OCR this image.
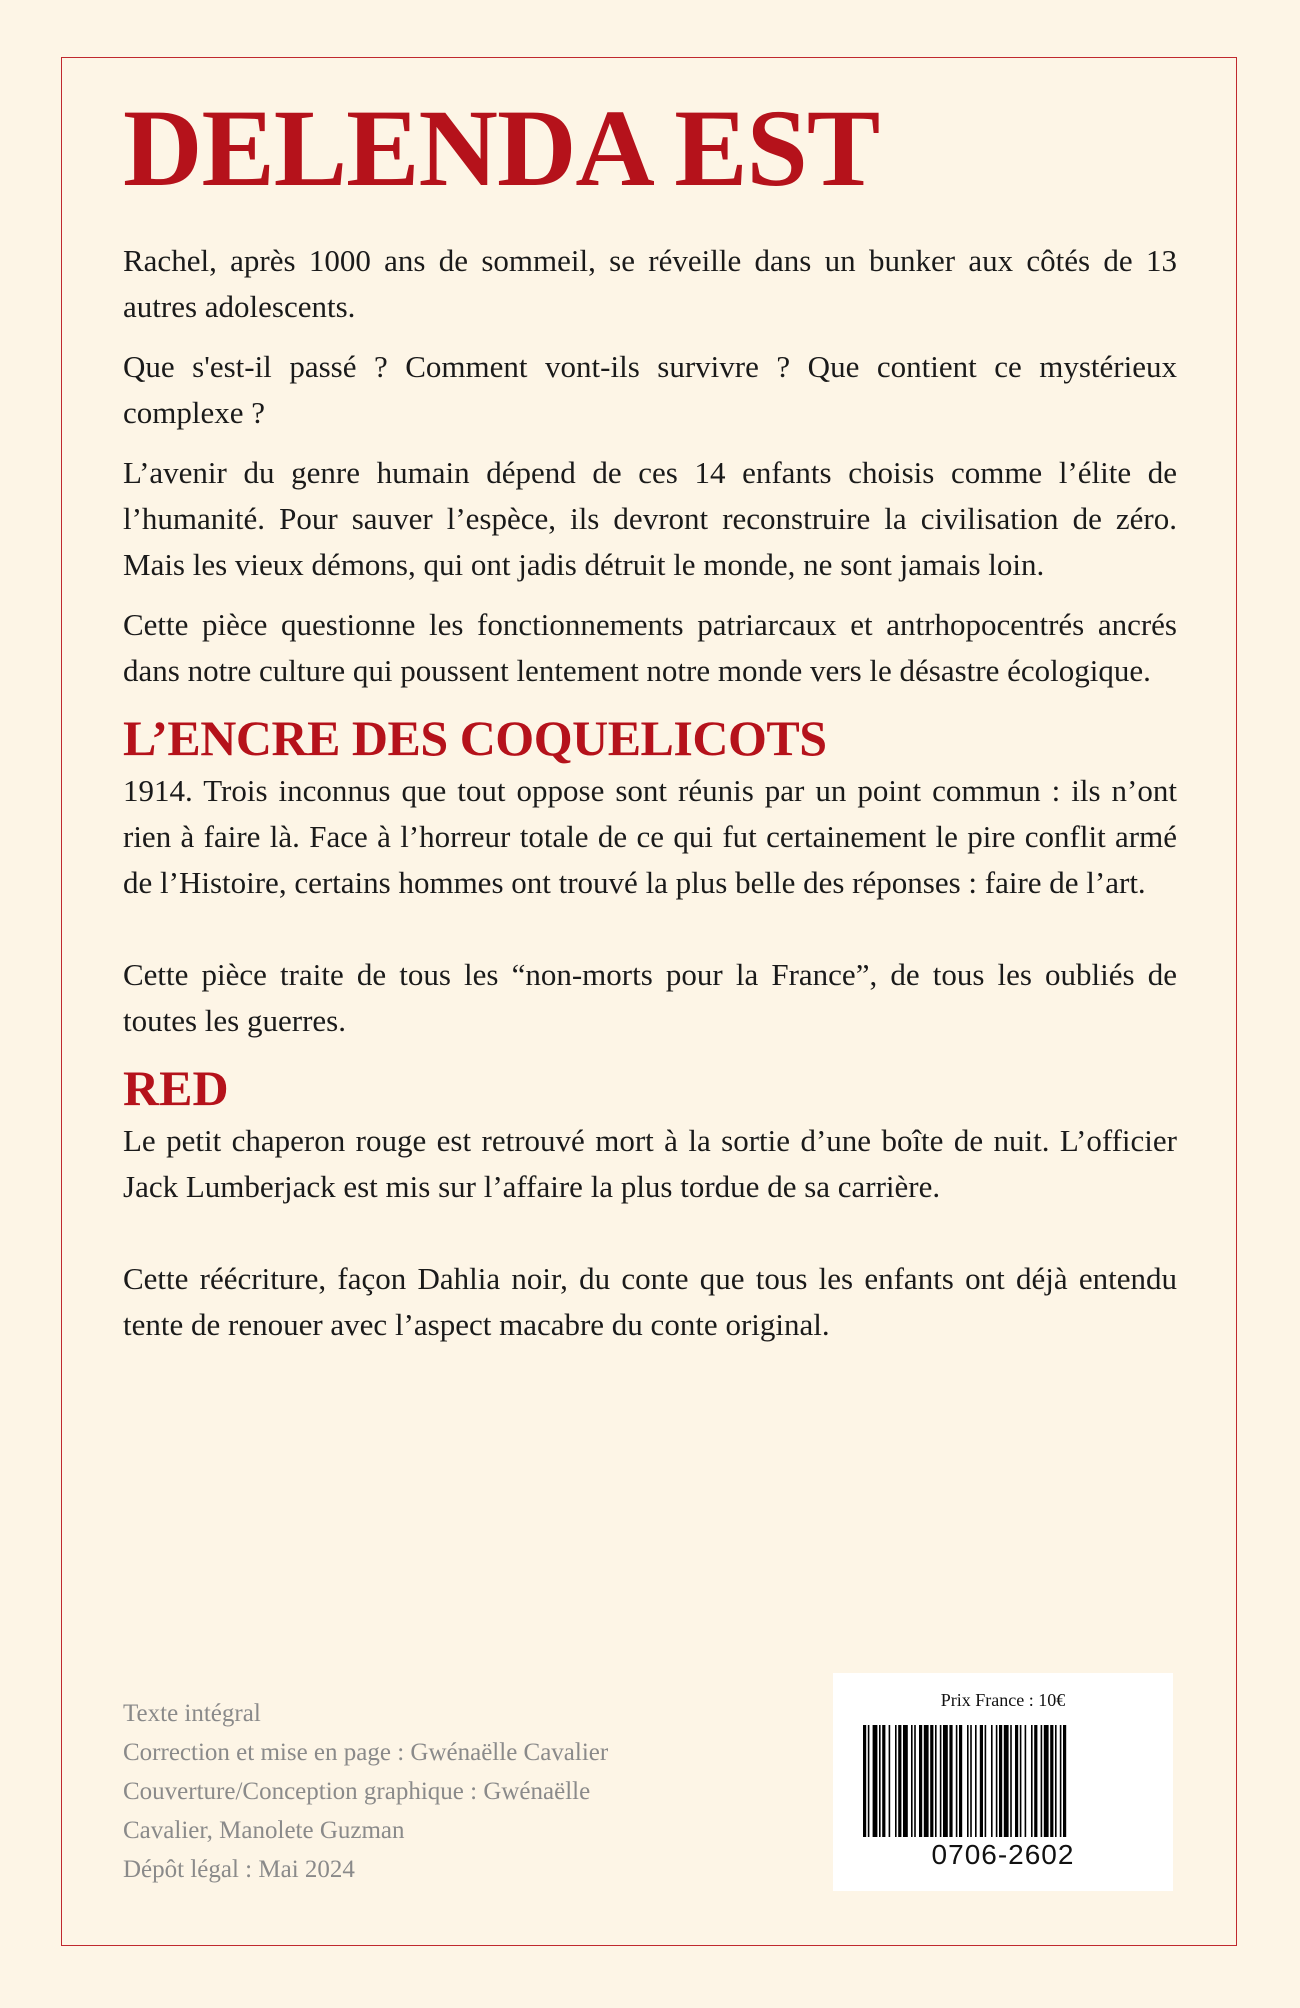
DELENDA EST

Rachel, après 1000 ans de sommeil, se réveille dans un bunker aux côtés de 13 autres adolescents.

Que s'est-il passé ? Comment vont-ils survivre ? Que contient ce mystérieux complexe ?

L’avenir du genre humain dépend de ces 14 enfants choisis comme l’élite de l’humanité. Pour sauver l’espèce, ils devront reconstruire la civilisation de zéro. Mais les vieux démons, qui ont jadis détruit le monde, ne sont jamais loin.

Cette pièce questionne les fonctionnements patriarcaux et antrhopocentrés ancrés dans notre culture qui poussent lentement notre monde vers le désastre écologique.

L’ENCRE DES COQUELICOTS

1914. Trois inconnus que tout oppose sont réunis par un point commun : ils n’ont rien à faire là. Face à l’horreur totale de ce qui fut certainement le pire conflit armé de l’Histoire, certains hommes ont trouvé la plus belle des réponses : faire de l’art.

Cette pièce traite de tous les “non-morts pour la France”, de tous les oubliés de toutes les guerres.

RED

Le petit chaperon rouge est retrouvé mort à la sortie d’une boîte de nuit. L’officier Jack Lumberjack est mis sur l’affaire la plus tordue de sa carrière.

Cette réécriture, façon Dahlia noir, du conte que tous les enfants ont déjà entendu tente de renouer avec l’aspect macabre du conte original.

Texte intégral
Correction et mise en page : Gwénaëlle Cavalier
Couverture/Conception graphique : Gwénaëlle
Cavalier, Manolete Guzman
Dépôt légal : Mai 2024
Prix France : 10€
0706-2602
